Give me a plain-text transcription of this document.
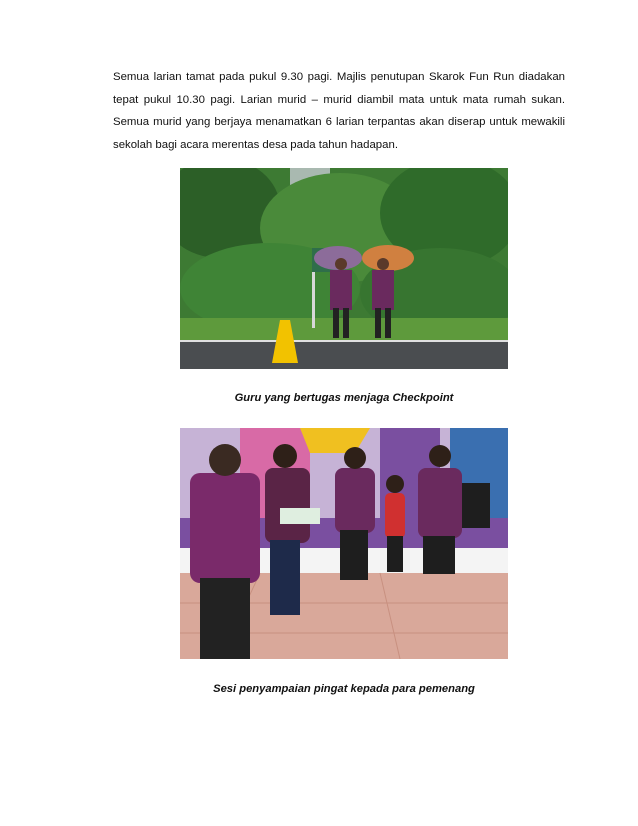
Semua larian tamat pada pukul 9.30 pagi. Majlis penutupan Skarok Fun Run diadakan tepat pukul 10.30 pagi. Larian murid – murid diambil mata untuk mata rumah sukan. Semua murid yang berjaya menamatkan 6 larian terpantas akan diserap untuk mewakili sekolah bagi acara merentas desa pada tahun hadapan.

Guru yang bertugas menjaga Checkpoint
Sesi penyampaian pingat kepada para pemenang
